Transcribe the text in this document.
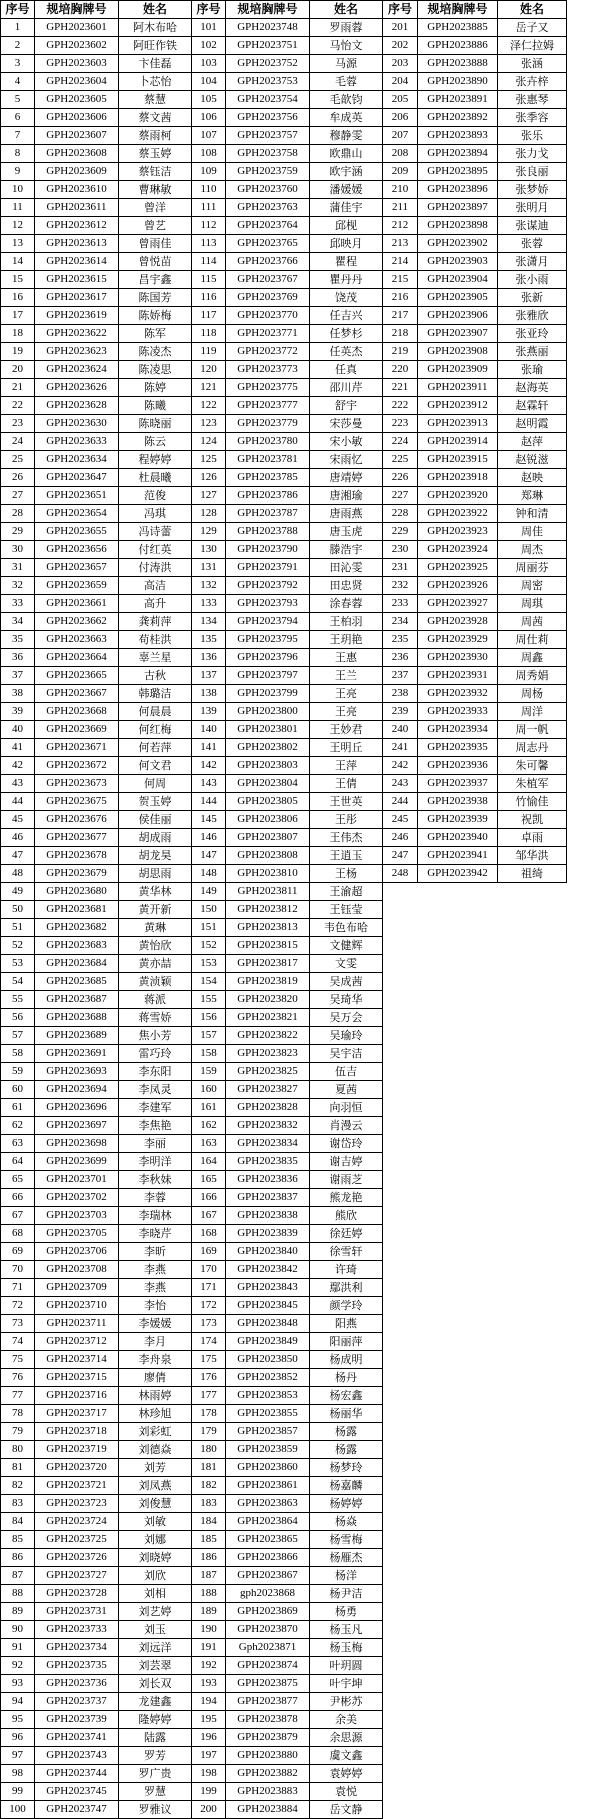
序号	规培胸牌号	姓名
1	GPH2023601	阿木布哈
2	GPH2023602	阿旺作铁
3	GPH2023603	卞佳磊
4	GPH2023604	卜芯怡
5	GPH2023605	蔡慧
6	GPH2023606	蔡文茜
7	GPH2023607	蔡雨柯
8	GPH2023608	蔡玉婷
9	GPH2023609	蔡钰洁
10	GPH2023610	曹琳敏
11	GPH2023611	曾洋
12	GPH2023612	曾艺
13	GPH2023613	曾雨佳
14	GPH2023614	曾悦苗
15	GPH2023615	昌宇鑫
16	GPH2023617	陈国芳
17	GPH2023619	陈娇梅
18	GPH2023622	陈军
19	GPH2023623	陈凌杰
20	GPH2023624	陈凌思
21	GPH2023626	陈婷
22	GPH2023628	陈曦
23	GPH2023630	陈晓丽
24	GPH2023633	陈云
25	GPH2023634	程婷婷
26	GPH2023647	杜晨曦
27	GPH2023651	范俊
28	GPH2023654	冯琪
29	GPH2023655	冯诗蕾
30	GPH2023656	付红英
31	GPH2023657	付涛洪
32	GPH2023659	高洁
33	GPH2023661	高升
34	GPH2023662	龚莉萍
35	GPH2023663	苟桂洪
36	GPH2023664	辜兰星
37	GPH2023665	古秋
38	GPH2023667	韩璐洁
39	GPH2023668	何晨晨
40	GPH2023669	何红梅
41	GPH2023671	何若萍
42	GPH2023672	何文君
43	GPH2023673	何周
44	GPH2023675	贺玉婷
45	GPH2023676	侯佳丽
46	GPH2023677	胡成雨
47	GPH2023678	胡龙昊
48	GPH2023679	胡思雨
49	GPH2023680	黄华林
50	GPH2023681	黄开新
51	GPH2023682	黄琳
52	GPH2023683	黄怡欣
53	GPH2023684	黄亦喆
54	GPH2023685	黄浈颖
55	GPH2023687	蒋派
56	GPH2023688	蒋雪娇
57	GPH2023689	焦小芳
58	GPH2023691	雷巧玲
59	GPH2023693	李东阳
60	GPH2023694	李凤灵
61	GPH2023696	李建军
62	GPH2023697	李焦艳
63	GPH2023698	李丽
64	GPH2023699	李明洋
65	GPH2023701	李秋妹
66	GPH2023702	李蓉
67	GPH2023703	李瑞林
68	GPH2023705	李晓芹
69	GPH2023706	李昕
70	GPH2023708	李燕
71	GPH2023709	李燕
72	GPH2023710	李怡
73	GPH2023711	李媛媛
74	GPH2023712	李月
75	GPH2023714	李舟泉
76	GPH2023715	廖倩
77	GPH2023716	林雨婷
78	GPH2023717	林珍旭
79	GPH2023718	刘彩虹
80	GPH2023719	刘德焱
81	GPH2023720	刘芳
82	GPH2023721	刘凤燕
83	GPH2023723	刘俊慧
84	GPH2023724	刘敏
85	GPH2023725	刘娜
86	GPH2023726	刘晓婷
87	GPH2023727	刘欣
88	GPH2023728	刘相
89	GPH2023731	刘艺婷
90	GPH2023733	刘玉
91	GPH2023734	刘远洋
92	GPH2023735	刘芸翠
93	GPH2023736	刘长双
94	GPH2023737	龙建鑫
95	GPH2023739	隆婷婷
96	GPH2023741	陆露
97	GPH2023743	罗芳
98	GPH2023744	罗广贵
99	GPH2023745	罗慧
100	GPH2023747	罗雅议
序号	规培胸牌号	姓名
101	GPH2023748	罗雨蓉
102	GPH2023751	马怡文
103	GPH2023752	马源
104	GPH2023753	毛蓉
105	GPH2023754	毛歆钧
106	GPH2023756	牟成英
107	GPH2023757	穆静雯
108	GPH2023758	欧鼎山
109	GPH2023759	欧宇涵
110	GPH2023760	潘媛媛
111	GPH2023763	蒲佳宇
112	GPH2023764	邱枧
113	GPH2023765	邱映月
114	GPH2023766	瞿程
115	GPH2023767	瞿丹丹
116	GPH2023769	饶茂
117	GPH2023770	任吉兴
118	GPH2023771	任梦杉
119	GPH2023772	任英杰
120	GPH2023773	任真
121	GPH2023775	邵川芹
122	GPH2023777	舒宇
123	GPH2023779	宋莎曼
124	GPH2023780	宋小敏
125	GPH2023781	宋雨忆
126	GPH2023785	唐靖婷
127	GPH2023786	唐湘瑜
128	GPH2023787	唐雨燕
129	GPH2023788	唐玉虎
130	GPH2023790	滕浩宇
131	GPH2023791	田沁雯
132	GPH2023792	田忠贤
133	GPH2023793	涂春蓉
134	GPH2023794	王柏羽
135	GPH2023795	王玥艳
136	GPH2023796	王惠
137	GPH2023797	王兰
138	GPH2023799	王亮
139	GPH2023800	王亮
140	GPH2023801	王妙君
141	GPH2023802	王明丘
142	GPH2023803	王萍
143	GPH2023804	王倩
144	GPH2023805	王世英
145	GPH2023806	王彤
146	GPH2023807	王伟杰
147	GPH2023808	王逍玉
148	GPH2023810	王杨
149	GPH2023811	王渝超
150	GPH2023812	王钰莹
151	GPH2023813	韦色布哈
152	GPH2023815	文健辉
153	GPH2023817	文雯
154	GPH2023819	吴成茜
155	GPH2023820	吴琦华
156	GPH2023821	吴万会
157	GPH2023822	吴瑜玲
158	GPH2023823	吴宇洁
159	GPH2023825	伍吉
160	GPH2023827	夏茜
161	GPH2023828	向羽恒
162	GPH2023832	肖漫云
163	GPH2023834	谢岱玲
164	GPH2023835	谢吉婷
165	GPH2023836	谢雨芝
166	GPH2023837	熊龙艳
167	GPH2023838	熊欣
168	GPH2023839	徐廷婷
169	GPH2023840	徐雪轩
170	GPH2023842	许琦
171	GPH2023843	鄢洪利
172	GPH2023845	颜学玲
173	GPH2023848	阳燕
174	GPH2023849	阳丽萍
175	GPH2023850	杨成明
176	GPH2023852	杨丹
177	GPH2023853	杨宏鑫
178	GPH2023855	杨丽华
179	GPH2023857	杨露
180	GPH2023859	杨露
181	GPH2023860	杨梦玲
182	GPH2023861	杨嘉麟
183	GPH2023863	杨婷婷
184	GPH2023864	杨焱
185	GPH2023865	杨雪梅
186	GPH2023866	杨雁杰
187	GPH2023867	杨洋
188	gph2023868	杨尹洁
189	GPH2023869	杨勇
190	GPH2023870	杨玉凡
191	Gph2023871	杨玉梅
192	GPH2023874	叶玥圆
193	GPH2023875	叶宇坤
194	GPH2023877	尹彬苏
195	GPH2023878	余美
196	GPH2023879	余思源
197	GPH2023880	虞文鑫
198	GPH2023882	袁婷婷
199	GPH2023883	袁悦
200	GPH2023884	岳文静
序号	规培胸牌号	姓名
201	GPH2023885	岳子又
202	GPH2023886	泽仁拉姆
203	GPH2023888	张涵
204	GPH2023890	张卉梓
205	GPH2023891	张惠琴
206	GPH2023892	张季容
207	GPH2023893	张乐
208	GPH2023894	张力戈
209	GPH2023895	张良丽
210	GPH2023896	张梦娇
211	GPH2023897	张明月
212	GPH2023898	张谋迪
213	GPH2023902	张蓉
214	GPH2023903	张潇月
215	GPH2023904	张小雨
216	GPH2023905	张新
217	GPH2023906	张雅欣
218	GPH2023907	张亚玲
219	GPH2023908	张燕丽
220	GPH2023909	张瑜
221	GPH2023911	赵海英
222	GPH2023912	赵霖轩
223	GPH2023913	赵明霞
224	GPH2023914	赵萍
225	GPH2023915	赵锐滋
226	GPH2023918	赵映
227	GPH2023920	郑琳
228	GPH2023922	钟和清
229	GPH2023923	周佳
230	GPH2023924	周杰
231	GPH2023925	周丽芬
232	GPH2023926	周密
233	GPH2023927	周琪
234	GPH2023928	周茜
235	GPH2023929	周仕莉
236	GPH2023930	周鑫
237	GPH2023931	周秀娟
238	GPH2023932	周杨
239	GPH2023933	周洋
240	GPH2023934	周一帆
241	GPH2023935	周志丹
242	GPH2023936	朱可馨
243	GPH2023937	朱植军
244	GPH2023938	竹愉佳
245	GPH2023939	祝凯
246	GPH2023940	卓雨
247	GPH2023941	邹华洪
248	GPH2023942	祖绮
